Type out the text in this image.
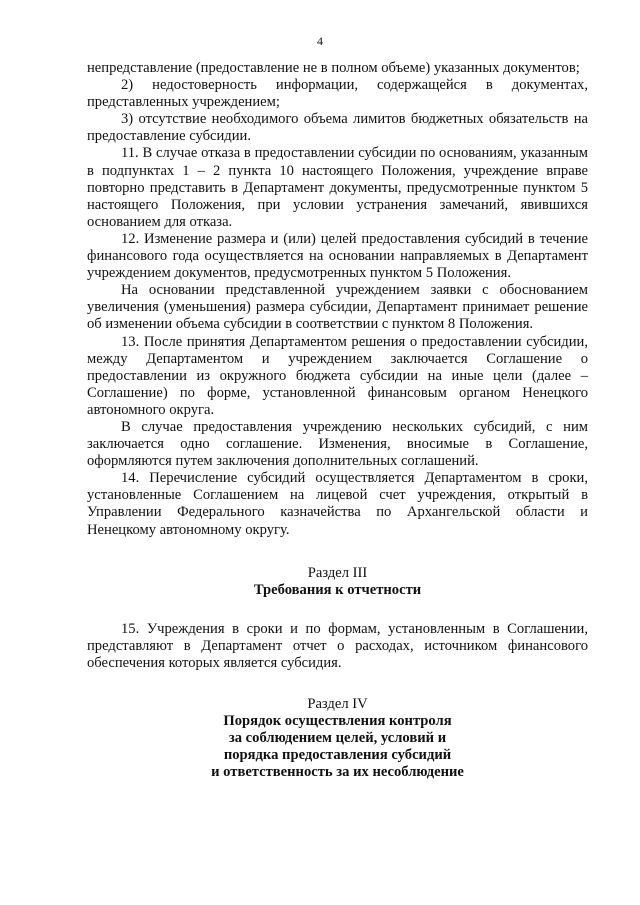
4

непредставление (предоставление не в полном объеме) указанных документов;

2) недостоверность информации, содержащейся в документах, представленных учреждением;

3) отсутствие необходимого объема лимитов бюджетных обязательств на предоставление субсидии.

11. В случае отказа в предоставлении субсидии по основаниям, указанным в подпунктах 1 – 2 пункта 10 настоящего Положения, учреждение вправе повторно представить в Департамент документы, предусмотренные пунктом 5 настоящего Положения, при условии устранения замечаний, явившихся основанием для отказа.

12. Изменение размера и (или) целей предоставления субсидий в течение финансового года осуществляется на основании направляемых в Департамент учреждением документов, предусмотренных пунктом 5 Положения.

На основании представленной учреждением заявки с обоснованием увеличения (уменьшения) размера субсидии, Департамент принимает решение об изменении объема субсидии в соответствии с пунктом 8 Положения.

13. После принятия Департаментом решения о предоставлении субсидии, между Департаментом и учреждением заключается Соглашение о предоставлении из окружного бюджета субсидии на иные цели (далее – Соглашение) по форме, установленной финансовым органом Ненецкого автономного округа.

В случае предоставления учреждению нескольких субсидий, с ним заключается одно соглашение. Изменения, вносимые в Соглашение, оформляются путем заключения дополнительных соглашений.

14. Перечисление субсидий осуществляется Департаментом в сроки, установленные Соглашением на лицевой счет учреждения, открытый в Управлении Федерального казначейства по Архангельской области и Ненецкому автономному округу.

Раздел III
Требования к отчетности

15. Учреждения в сроки и по формам, установленным в Соглашении, представляют в Департамент отчет о расходах, источником финансового обеспечения которых является субсидия.

Раздел IV
Порядок осуществления контроля
за соблюдением целей, условий и
порядка предоставления субсидий
и ответственность за их несоблюдение
